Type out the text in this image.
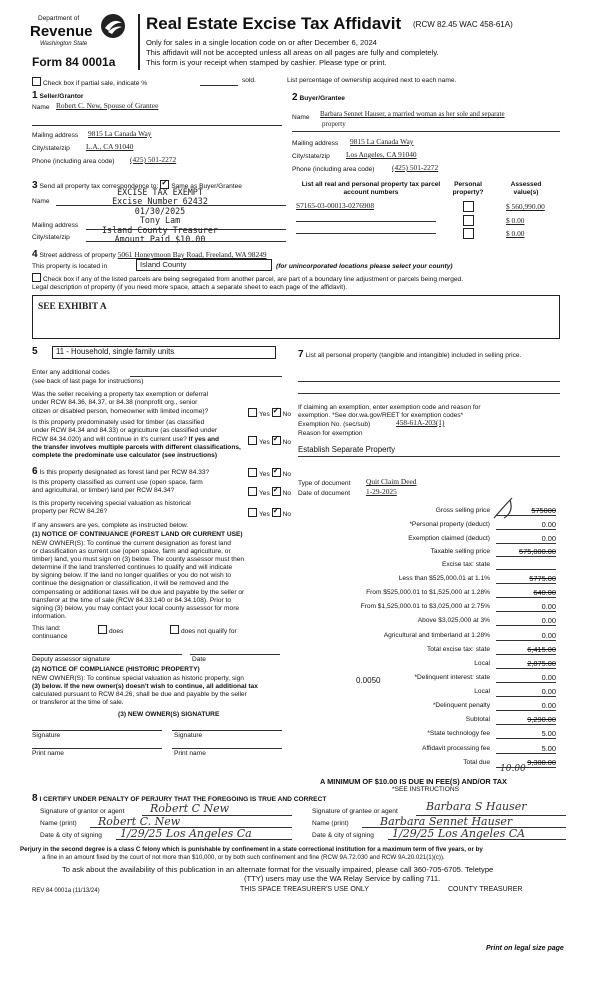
Department of
Revenue
Washington State
Form 84 0001a
Real Estate Excise Tax Affidavit (RCW 82.45 WAC 458-61A)
Only for sales in a single location code on or after December 6, 2024
This affidavit will not be accepted unless all areas on all pages are fully and completely.
This form is your receipt when stamped by cashier. Please type or print.
Check box if partial sale, indicate %	sold.	List percentage of ownership acquired next to each name.
1 Seller/Grantor
Name Robert C. New, Spouse of Grantee
Mailing address 9815 La Canada Way
City/state/zip L.A., CA 91040
Phone (including area code) (425) 501-2272
2 Buyer/Grantee
Name Barbara Sennet Hauser, a married woman as her sole and separate
property
Mailing address 9815 La Canada Way
City/state/zip Los Angeles, CA 91040
Phone (including area code) (425) 501-2272
3 Send all property tax correspondence to: ✓ Same as Buyer/Grantee
Name
Mailing address
City/state/zip
EXCISE TAX EXEMPT
Excise Number 62432
01/30/2025
Tony Lam
Island County Treasurer
Amount Paid $10.00
List all real and personal property tax parcel account numbers
Personal property?
Assessed value(s)
S7165-03-00013-0276908	$ 560,990.00
$ 0.00
$ 0.00
4 Street address of property 5061 Honeymoon Bay Road, Freeland, WA 98249
This property is located in	Island County	(for unincorporated locations please select your county)
Check box if any of the listed parcels are being segregated from another parcel, are part of a boundary line adjustment or parcels being merged.
Legal description of property (if you need more space, attach a separate sheet to each page of the affidavit).
SEE EXHIBIT A
5 11 - Household, single family units
Enter any additional codes
(see back of last page for instructions)
Was the seller receiving a property tax exemption or deferral
under RCW 84.36, 84.37, or 84.38 (nonprofit org., senior
citizen or disabled person, homeowner with limited income)?	Yes ✓ No
Is this property predominately used for timber (as classified
under RCW 84.34 and 84.33) or agriculture (as classified under
RCW 84.34.020) and will continue in it's current use? If yes and
the transfer involves multiple parcels with different classifications,
complete the predominate use calculator (see instructions)
Yes ✓ No
6 Is this property designated as forest land per RCW 84.33?	Yes ✓ No
Is this property classified as current use (open space, farm
and agricultural, or timber) land per RCW 84.34?	Yes ✓ No
Is this property receiving special valuation as historical
property per RCW 84.26?	Yes ✓ No
If any answers are yes, complete as instructed below.
(1) NOTICE OF CONTINUANCE (FOREST LAND OR CURRENT USE)
NEW OWNER(S): To continue the current designation as forest land
or classification as current use (open space, farm and agriculture, or
timber) land, you must sign on (3) below. The county assessor must then
determine if the land transferred continues to qualify and will indicate
by signing below. If the land no longer qualifies or you do not wish to
continue the designation or classification, it will be removed and the
compensating or additional taxes will be due and payable by the seller or
transferor at the time of sale (RCW 84.33.140 or 84.34.108). Prior to
signing (3) below, you may contact your local county assessor for more
information.
This land:	does	does not qualify for
continuance
Deputy assessor signature	Date
(2) NOTICE OF COMPLIANCE (HISTORIC PROPERTY)
NEW OWNER(S): To continue special valuation as historic property, sign
(3) below. If the new owner(s) doesn't wish to continue, all additional tax
calculated pursuant to RCW 84.26, shall be due and payable by the seller
or transferor at the time of sale.
(3) NEW OWNER(S) SIGNATURE
Signature	Signature
Print name	Print name
7 List all personal property (tangible and intangible) included in selling price.
If claiming an exemption, enter exemption code and reason for
exemption. *See dor.wa.gov/REET for exemption codes*
Exemption No. (sec/sub)	458-61A-203(1)
Reason for exemption
Establish Separate Property
Type of document Quit Claim Deed
Date of document 1-29-2025
Gross selling price	575000
*Personal property (deduct)	0.00
Exemption claimed (deduct)	0.00
Taxable selling price	575,000.00
Excise tax: state
Less than $525,000.01 at 1.1%	5775.00
From $525,000.01 to $1,525,000 at 1.28%	640.00
From $1,525,000.01 to $3,025,000 at 2.75%	0.00
Above $3,025,000 at 3%	0.00
Agricultural and timberland at 1.28%	0.00
Total excise tax: state	6,415.00
Local	2,875.00
*Delinquent interest: state	0.00
Local	0.00
*Delinquent penalty	0.00
Subtotal	9,290.00
*State technology fee	5.00
Affidavit processing fee	5.00
Total due	9,300.00
0.0050
10.00
A MINIMUM OF $10.00 IS DUE IN FEE(S) AND/OR TAX
*SEE INSTRUCTIONS
8 I CERTIFY UNDER PENALTY OF PERJURY THAT THE FOREGOING IS TRUE AND CORRECT
Signature of grantor or agent Robert C New
Name (print) Robert C. New
Date & city of signing 1/29/25 Los Angeles Ca
Signature of grantee or agent	Barbara S Hauser
Name (print)	Barbara Sennet Hauser
Date & city of signing 1/29/25 Los Angeles CA
Perjury in the second degree is a class C felony which is punishable by confinement in a state correctional institution for a maximum term of five years, or by
a fine in an amount fixed by the court of not more than $10,000, or by both such confinement and fine (RCW 9A.72.030 and RCW 9A.20.021(1)(c)).
To ask about the availability of this publication in an alternate format for the visually impaired, please call 360-705-6705. Teletype
(TTY) users may use the WA Relay Service by calling 711.
REV 84 0001a (11/13/24)	THIS SPACE TREASURER'S USE ONLY	COUNTY TREASURER
Print on legal size page
